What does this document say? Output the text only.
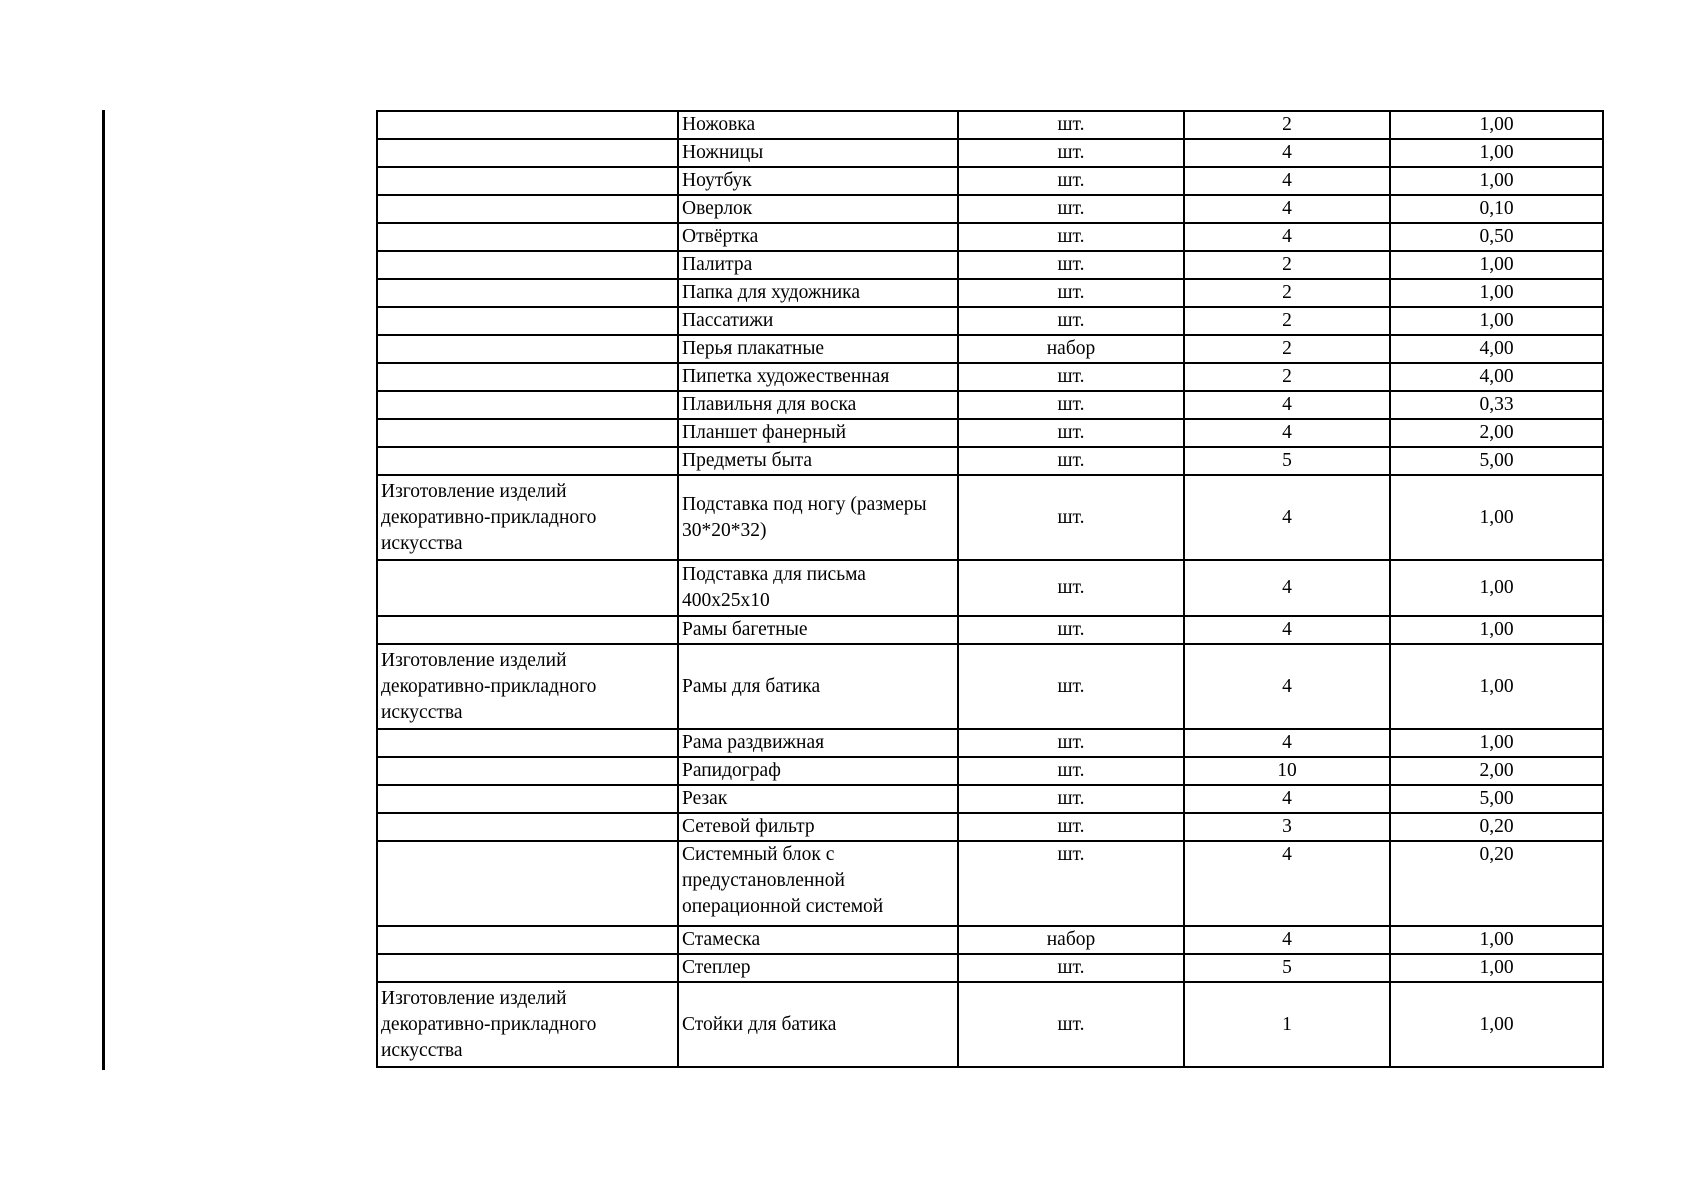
	Ножовка	шт.	2	1,00
	Ножницы	шт.	4	1,00
	Ноутбук	шт.	4	1,00
	Оверлок	шт.	4	0,10
	Отвёртка	шт.	4	0,50
	Палитра	шт.	2	1,00
	Папка для художника	шт.	2	1,00
	Пассатижи	шт.	2	1,00
	Перья плакатные	набор	2	4,00
	Пипетка художественная	шт.	2	4,00
	Плавильня для воска	шт.	4	0,33
	Планшет фанерный	шт.	4	2,00
	Предметы быта	шт.	5	5,00
Изготовление изделий декоративно-прикладного искусства	Подставка под ногу (размеры 30*20*32)	шт.	4	1,00
	Подставка для письма 400х25х10	шт.	4	1,00
	Рамы багетные	шт.	4	1,00
Изготовление изделий декоративно-прикладного искусства	Рамы для батика	шт.	4	1,00
	Рама раздвижная	шт.	4	1,00
	Рапидограф	шт.	10	2,00
	Резак	шт.	4	5,00
	Сетевой фильтр	шт.	3	0,20
	Системный блок с предустановленной операционной системой	шт.	4	0,20
	Стамеска	набор	4	1,00
	Степлер	шт.	5	1,00
Изготовление изделий декоративно-прикладного искусства	Стойки для батика	шт.	1	1,00
